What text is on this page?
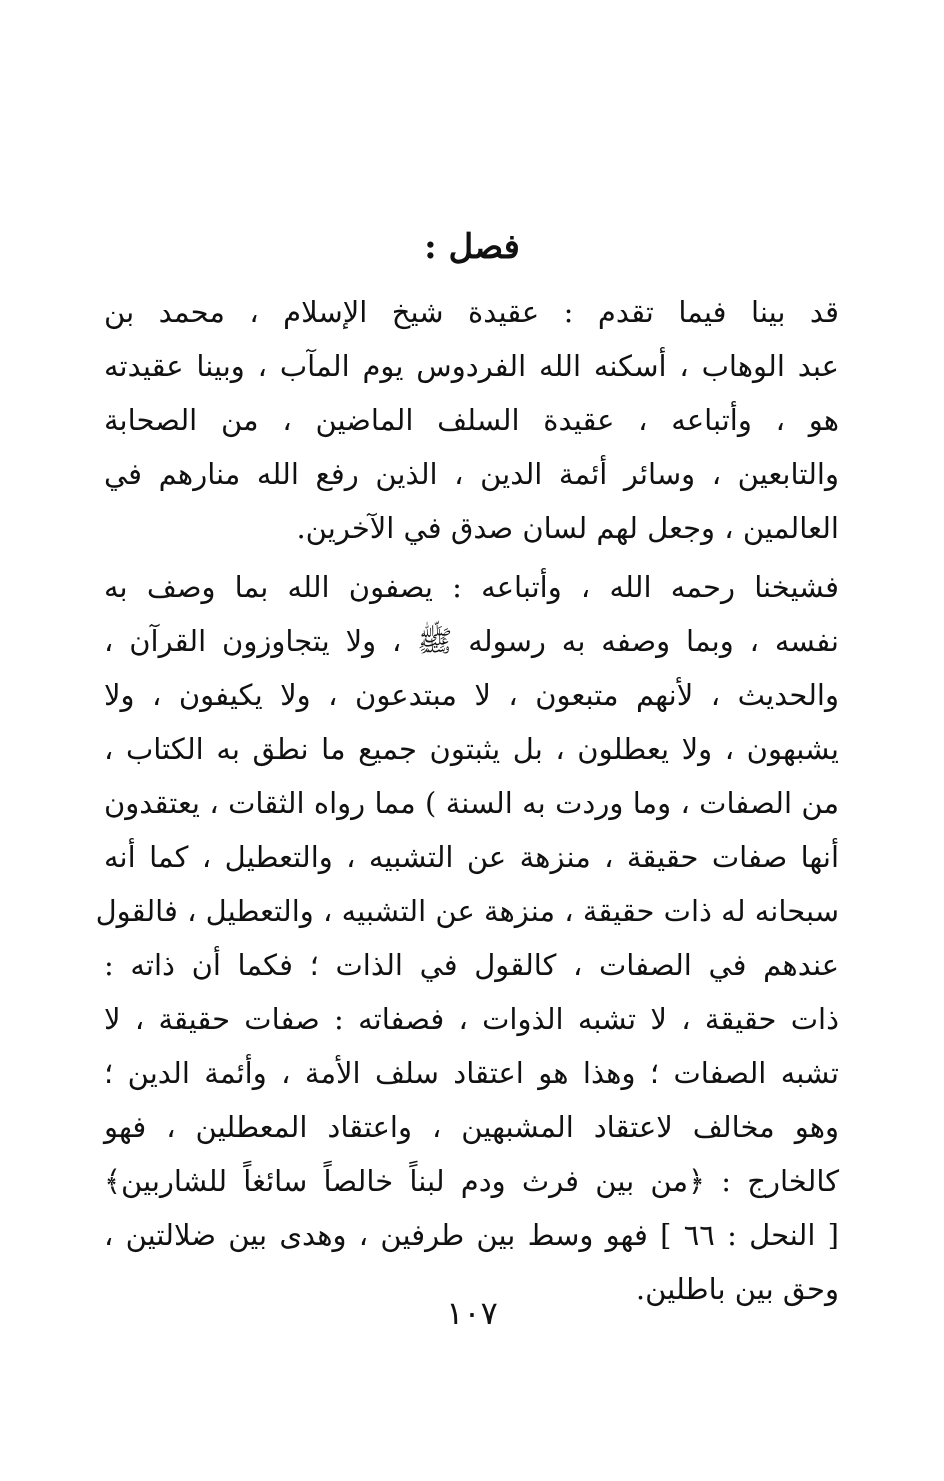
فصل :
قد بينا فيما تقدم : عقيدة شيخ الإسلام ، محمد بن
عبد الوهاب ، أسكنه الله الفردوس يوم المآب ، وبينا عقيدته
هو ، وأتباعه ، عقيدة السلف الماضين ، من الصحابة
والتابعين ، وسائر أئمة الدين ، الذين رفع الله منارهم في
العالمين ، وجعل لهم لسان صدق في الآخرين.
فشيخنا رحمه الله ، وأتباعه : يصفون الله بما وصف به
نفسه ، وبما وصفه به رسوله ﷺ ، ولا يتجاوزون القرآن ،
والحديث ، لأنهم متبعون ، لا مبتدعون ، ولا يكيفون ، ولا
يشبهون ، ولا يعطلون ، بل يثبتون جميع ما نطق به الكتاب ،
من الصفات ، وما وردت به السنة ) مما رواه الثقات ، يعتقدون
أنها صفات حقيقة ، منزهة عن التشبيه ، والتعطيل ، كما أنه
سبحانه له ذات حقيقة ، منزهة عن التشبيه ، والتعطيل ، فالقول
عندهم في الصفات ، كالقول في الذات ؛ فكما أن ذاته :
ذات حقيقة ، لا تشبه الذوات ، فصفاته : صفات حقيقة ، لا
تشبه الصفات ؛ وهذا هو اعتقاد سلف الأمة ، وأئمة الدين ؛
وهو مخالف لاعتقاد المشبهين ، واعتقاد المعطلين ، فهو
كالخارج : ﴿من بين فرث ودم لبناً خالصاً سائغاً للشاربين﴾
[ النحل : ٦٦ ] فهو وسط بين طرفين ، وهدى بين ضلالتين ،
وحق بين باطلين.
١٠٧
